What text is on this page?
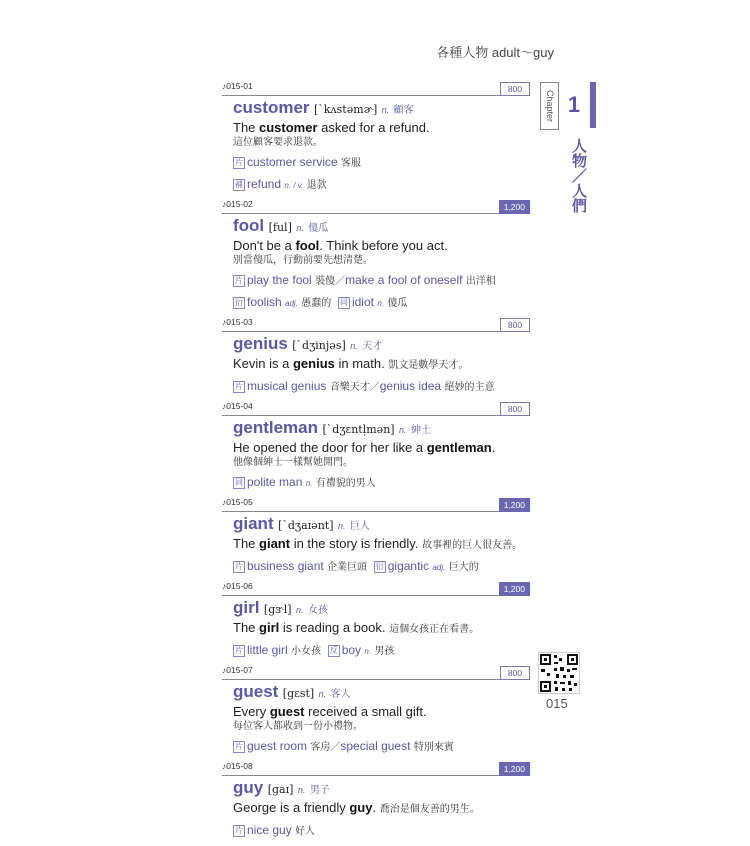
各種人物 adult～guy
♪015-01	800
customer [ˋkʌstəmɚ] n. 顧客
The customer asked for a refund.
這位顧客要求退款。
片 customer service 客服
補 refund n. / v. 退款
♪015-02	1,200
fool [ful] n. 傻瓜
Don't be a fool. Think before you act.
別當傻瓜，行動前要先想清楚。
片 play the fool 裝傻／make a fool of oneself 出洋相
衍 foolish adj. 愚蠢的 同 idiot n. 傻瓜
♪015-03	800
genius [ˋdʒinjəs] n. 天才
Kevin is a genius in math. 凱文是數學天才。
片 musical genius 音樂天才／genius idea 絕妙的主意
♪015-04	800
gentleman [ˋdʒɛntḷmən] n. 紳士
He opened the door for her like a gentleman.
他像個紳士一樣幫她開門。
同 polite man n. 有禮貌的男人
♪015-05	1,200
giant [ˋdʒaɪənt] n. 巨人
The giant in the story is friendly. 故事裡的巨人很友善。
片 business giant 企業巨頭 衍 gigantic adj. 巨大的
♪015-06	1,200
girl [gɝl] n. 女孩
The girl is reading a book. 這個女孩正在看書。
片 little girl 小女孩 反 boy n. 男孩
♪015-07	800
guest [gɛst] n. 客人
Every guest received a small gift.
每位客人都收到一份小禮物。
片 guest room 客房／special guest 特別來賓
♪015-08	1,200
guy [gaɪ] n. 男子
George is a friendly guy. 喬治是個友善的男生。
片 nice guy 好人
Chapter 1
人物／人們
015
